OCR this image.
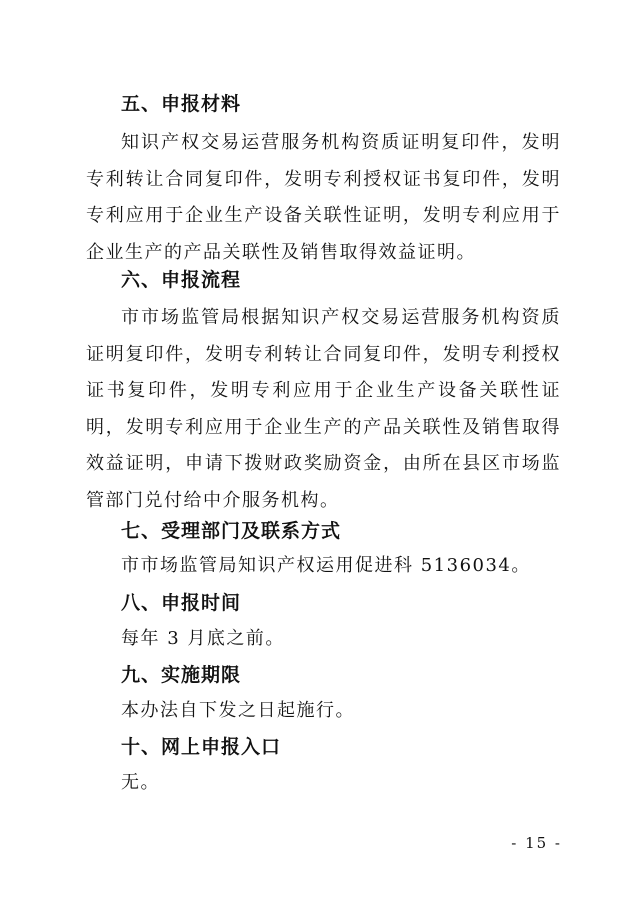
五、申报材料

知识产权交易运营服务机构资质证明复印件，发明专利转让合同复印件，发明专利授权证书复印件，发明专利应用于企业生产设备关联性证明，发明专利应用于企业生产的产品关联性及销售取得效益证明。

六、申报流程

市市场监管局根据知识产权交易运营服务机构资质证明复印件，发明专利转让合同复印件，发明专利授权证书复印件，发明专利应用于企业生产设备关联性证明，发明专利应用于企业生产的产品关联性及销售取得效益证明，申请下拨财政奖励资金，由所在县区市场监管部门兑付给中介服务机构。

七、受理部门及联系方式
市市场监管局知识产权运用促进科 5136034。
八、申报时间
每年 3 月底之前。
九、实施期限
本办法自下发之日起施行。
十、网上申报入口
无。
- 15 -
